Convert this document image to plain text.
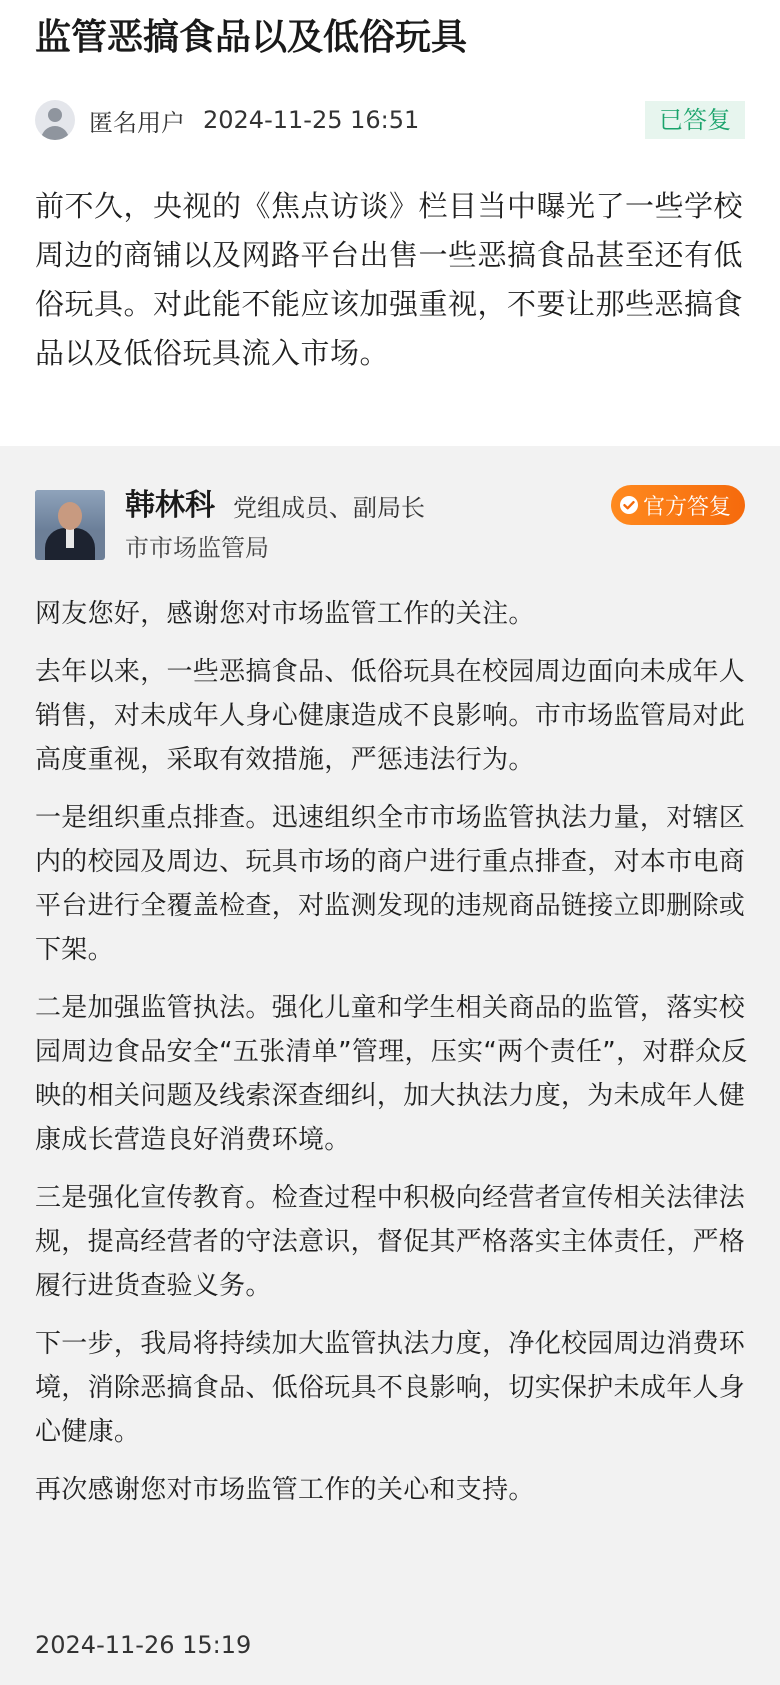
监管恶搞食品以及低俗玩具
匿名用户 2024-11-25 16:51	已答复

前不久，央视的《焦点访谈》栏目当中曝光了一些学校周边的商铺以及网路平台出售一些恶搞食品甚至还有低俗玩具。对此能不能应该加强重视，不要让那些恶搞食品以及低俗玩具流入市场。

韩林科 党组成员、副局长
市市场监管局
官方答复

网友您好，感谢您对市场监管工作的关注。

去年以来，一些恶搞食品、低俗玩具在校园周边面向未成年人销售，对未成年人身心健康造成不良影响。市市场监管局对此高度重视，采取有效措施，严惩违法行为。

一是组织重点排查。迅速组织全市市场监管执法力量，对辖区内的校园及周边、玩具市场的商户进行重点排查，对本市电商平台进行全覆盖检查，对监测发现的违规商品链接立即删除或下架。

二是加强监管执法。强化儿童和学生相关商品的监管，落实校园周边食品安全“五张清单”管理，压实“两个责任”，对群众反映的相关问题及线索深查细纠，加大执法力度，为未成年人健康成长营造良好消费环境。

三是强化宣传教育。检查过程中积极向经营者宣传相关法律法规，提高经营者的守法意识，督促其严格落实主体责任，严格履行进货查验义务。

下一步，我局将持续加大监管执法力度，净化校园周边消费环境，消除恶搞食品、低俗玩具不良影响，切实保护未成年人身心健康。

再次感谢您对市场监管工作的关心和支持。

2024-11-26 15:19
